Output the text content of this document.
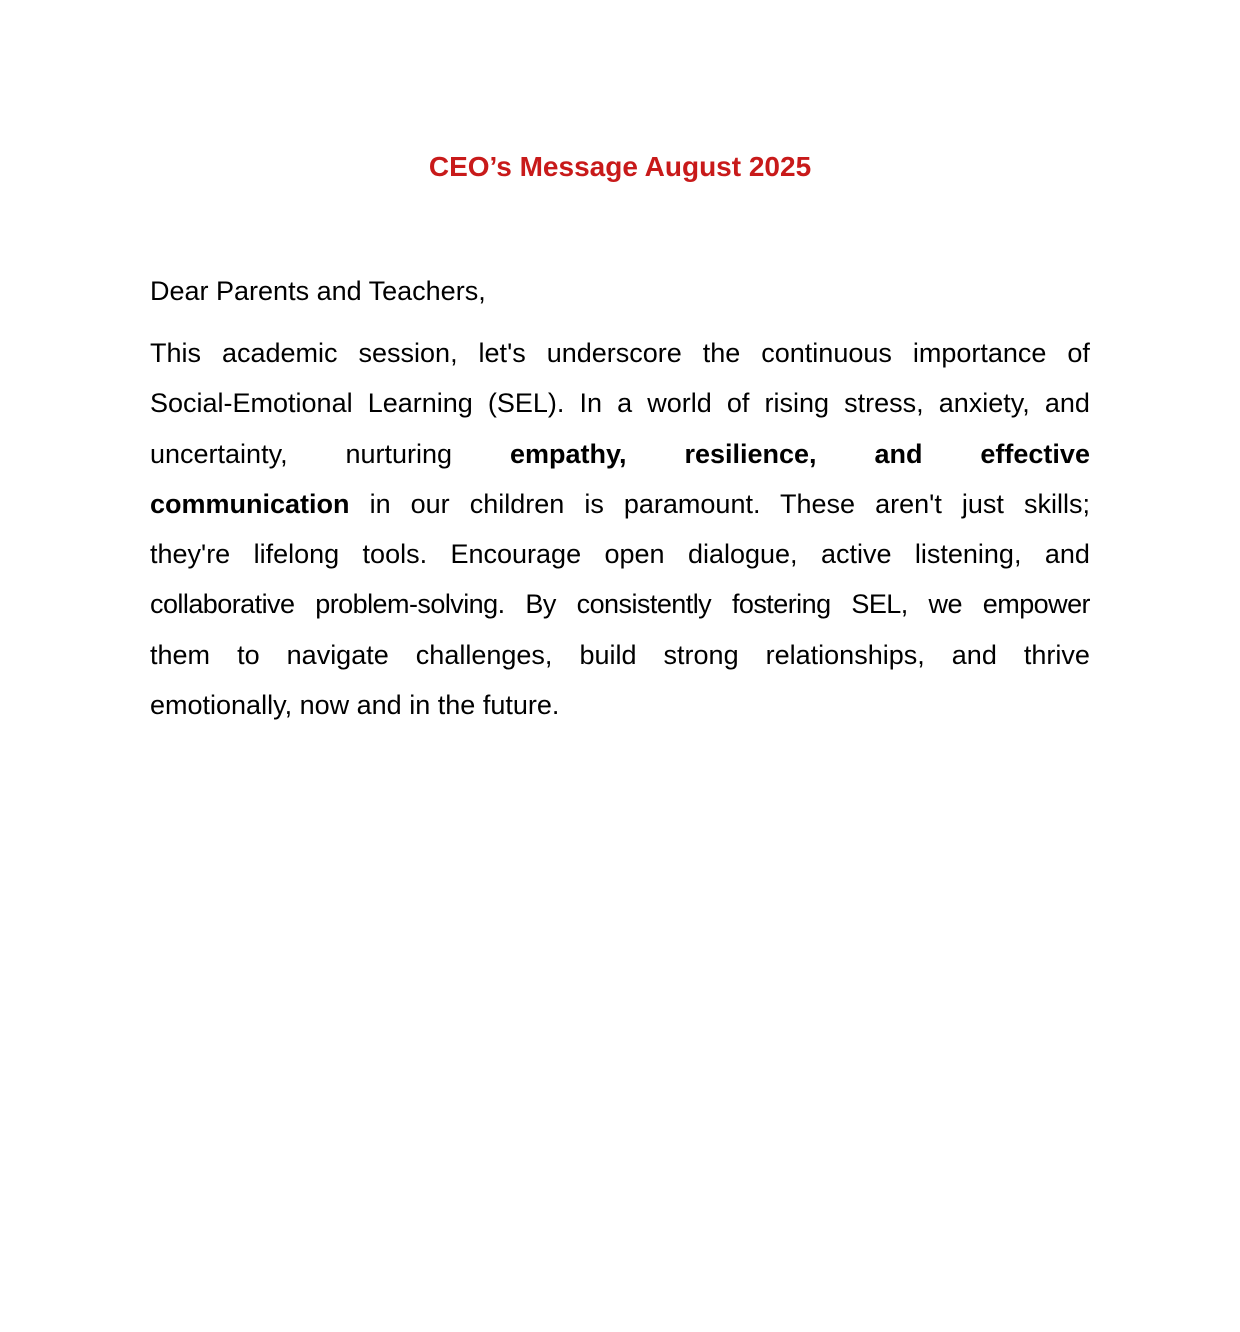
CEO’s Message August 2025

Dear Parents and Teachers,

This academic session, let's underscore the continuous importance of
Social-Emotional Learning (SEL). In a world of rising stress, anxiety, and
uncertainty, nurturing empathy, resilience, and effective
communication in our children is paramount. These aren't just skills;
they're lifelong tools. Encourage open dialogue, active listening, and
collaborative problem-solving. By consistently fostering SEL, we empower
them to navigate challenges, build strong relationships, and thrive
emotionally, now and in the future.
